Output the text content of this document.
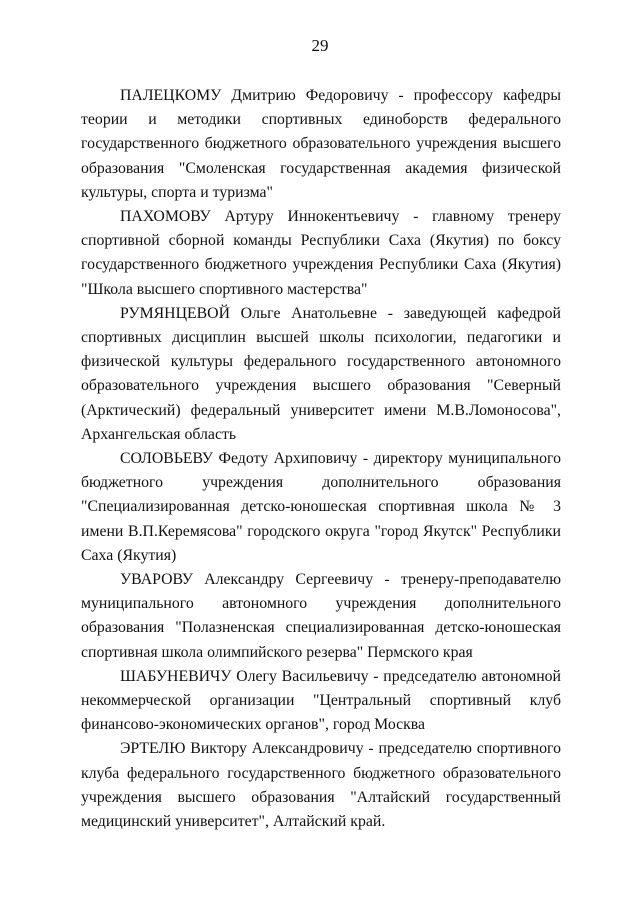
29

ПАЛЕЦКОМУ Дмитрию Федоровичу - профессору кафедры теории и методики спортивных единоборств федерального государственного бюджетного образовательного учреждения высшего образования "Смоленская государственная академия физической культуры, спорта и туризма"

ПАХОМОВУ Артуру Иннокентьевичу - главному тренеру спортивной сборной команды Республики Саха (Якутия) по боксу государственного бюджетного учреждения Республики Саха (Якутия) "Школа высшего спортивного мастерства"

РУМЯНЦЕВОЙ Ольге Анатольевне - заведующей кафедрой спортивных дисциплин высшей школы психологии, педагогики и физической культуры федерального государственного автономного образовательного учреждения высшего образования "Северный (Арктический) федеральный университет имени М.В.Ломоносова", Архангельская область

СОЛОВЬЕВУ Федоту Архиповичу - директору муниципального бюджетного учреждения дополнительного образования "Специализированная детско-юношеская спортивная школа № 3 имени В.П.Керемясова" городского округа "город Якутск" Республики Саха (Якутия)

УВАРОВУ Александру Сергеевичу - тренеру-преподавателю муниципального автономного учреждения дополнительного образования "Полазненская специализированная детско-юношеская спортивная школа олимпийского резерва" Пермского края

ШАБУНЕВИЧУ Олегу Васильевичу - председателю автономной некоммерческой организации "Центральный спортивный клуб финансово-экономических органов", город Москва

ЭРТЕЛЮ Виктору Александровичу - председателю спортивного клуба федерального государственного бюджетного образовательного учреждения высшего образования "Алтайский государственный медицинский университет", Алтайский край.
